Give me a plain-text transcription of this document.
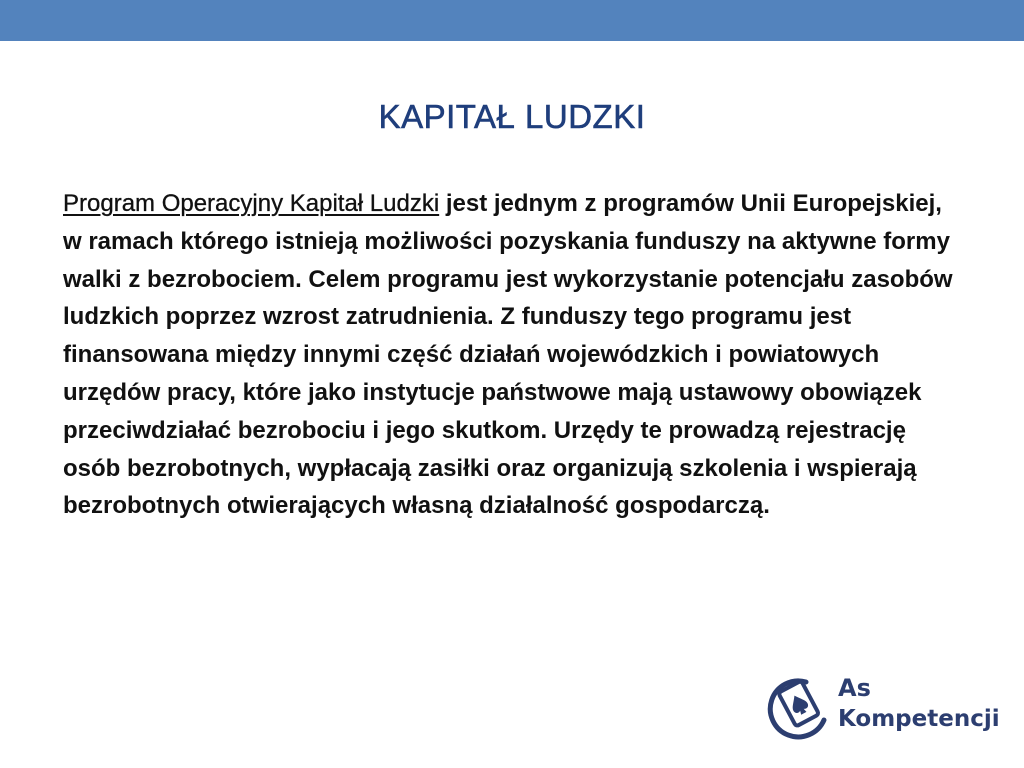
KAPITAŁ LUDZKI

Program Operacyjny Kapitał Ludzki jest jednym z programów Unii Europejskiej, w ramach którego istnieją możliwości pozyskania funduszy na aktywne formy walki z bezrobociem. Celem programu jest wykorzystanie potencjału zasobów ludzkich poprzez wzrost zatrudnienia. Z funduszy tego programu jest finansowana między innymi część działań wojewódzkich i powiatowych urzędów pracy, które jako instytucje państwowe mają ustawowy obowiązek przeciwdziałać bezrobociu i jego skutkom. Urzędy te prowadzą rejestrację osób bezrobotnych, wypłacają zasiłki oraz organizują szkolenia i wspierają bezrobotnych otwierających własną działalność gospodarczą.

As
Kompetencji
